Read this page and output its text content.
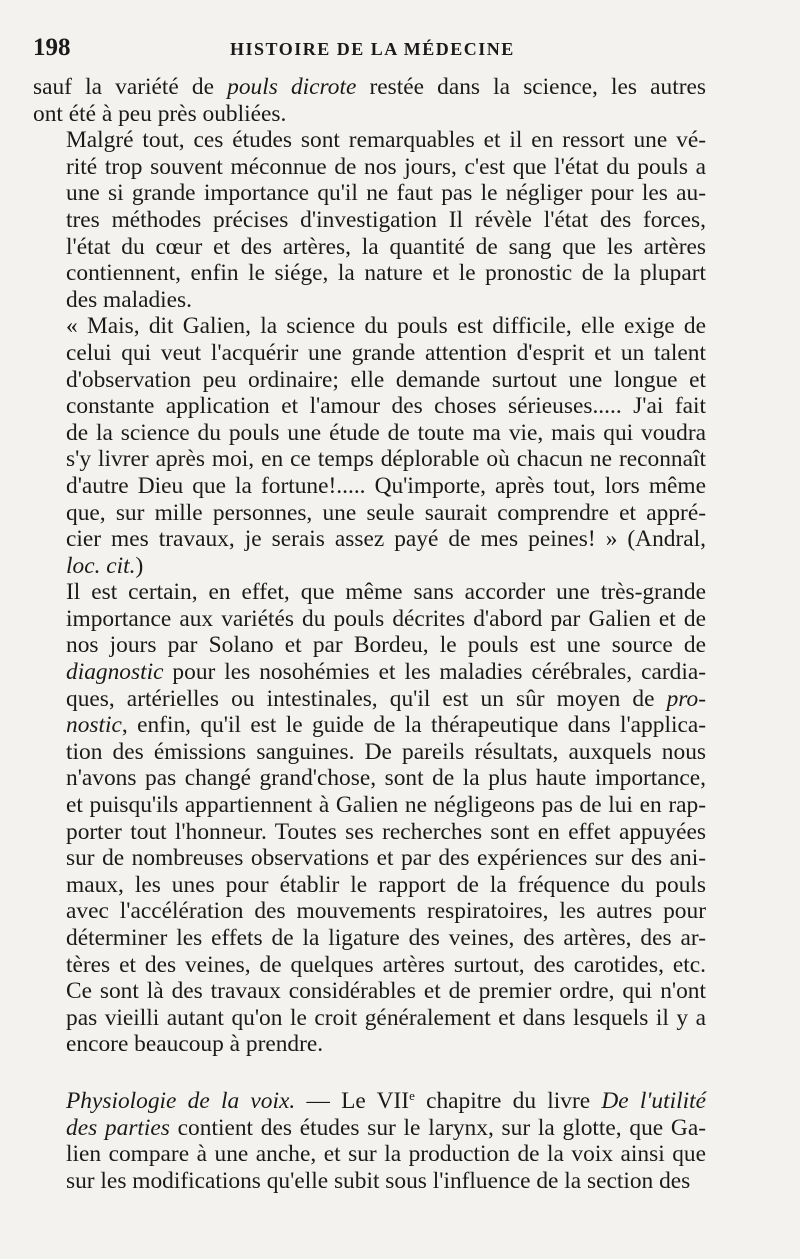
198	HISTOIRE DE LA MÉDECINE

sauf la variété de pouls dicrote restée dans la science, les autres
ont été à peu près oubliées.

Malgré tout, ces études sont remarquables et il en ressort une vé-
rité trop souvent méconnue de nos jours, c'est que l'état du pouls a
une si grande importance qu'il ne faut pas le négliger pour les au-
tres méthodes précises d'investigation Il révèle l'état des forces,
l'état du cœur et des artères, la quantité de sang que les artères
contiennent, enfin le siége, la nature et le pronostic de la plupart
des maladies.

« Mais, dit Galien, la science du pouls est difficile, elle exige de
celui qui veut l'acquérir une grande attention d'esprit et un talent
d'observation peu ordinaire; elle demande surtout une longue et
constante application et l'amour des choses sérieuses..... J'ai fait
de la science du pouls une étude de toute ma vie, mais qui voudra
s'y livrer après moi, en ce temps déplorable où chacun ne reconnaît
d'autre Dieu que la fortune!..... Qu'importe, après tout, lors même
que, sur mille personnes, une seule saurait comprendre et appré-
cier mes travaux, je serais assez payé de mes peines! » (Andral,
loc. cit.)

Il est certain, en effet, que même sans accorder une très-grande
importance aux variétés du pouls décrites d'abord par Galien et de
nos jours par Solano et par Bordeu, le pouls est une source de
diagnostic pour les nosohémies et les maladies cérébrales, cardia-
ques, artérielles ou intestinales, qu'il est un sûr moyen de pro-
nostic, enfin, qu'il est le guide de la thérapeutique dans l'applica-
tion des émissions sanguines. De pareils résultats, auxquels nous
n'avons pas changé grand'chose, sont de la plus haute importance,
et puisqu'ils appartiennent à Galien ne négligeons pas de lui en rap-
porter tout l'honneur. Toutes ses recherches sont en effet appuyées
sur de nombreuses observations et par des expériences sur des ani-
maux, les unes pour établir le rapport de la fréquence du pouls
avec l'accélération des mouvements respiratoires, les autres pour
déterminer les effets de la ligature des veines, des artères, des ar-
tères et des veines, de quelques artères surtout, des carotides, etc.
Ce sont là des travaux considérables et de premier ordre, qui n'ont
pas vieilli autant qu'on le croit généralement et dans lesquels il y a
encore beaucoup à prendre.

Physiologie de la voix. — Le VIIe chapitre du livre De l'utilité
des parties contient des études sur le larynx, sur la glotte, que Ga-
lien compare à une anche, et sur la production de la voix ainsi que
sur les modifications qu'elle subit sous l'influence de la section des
